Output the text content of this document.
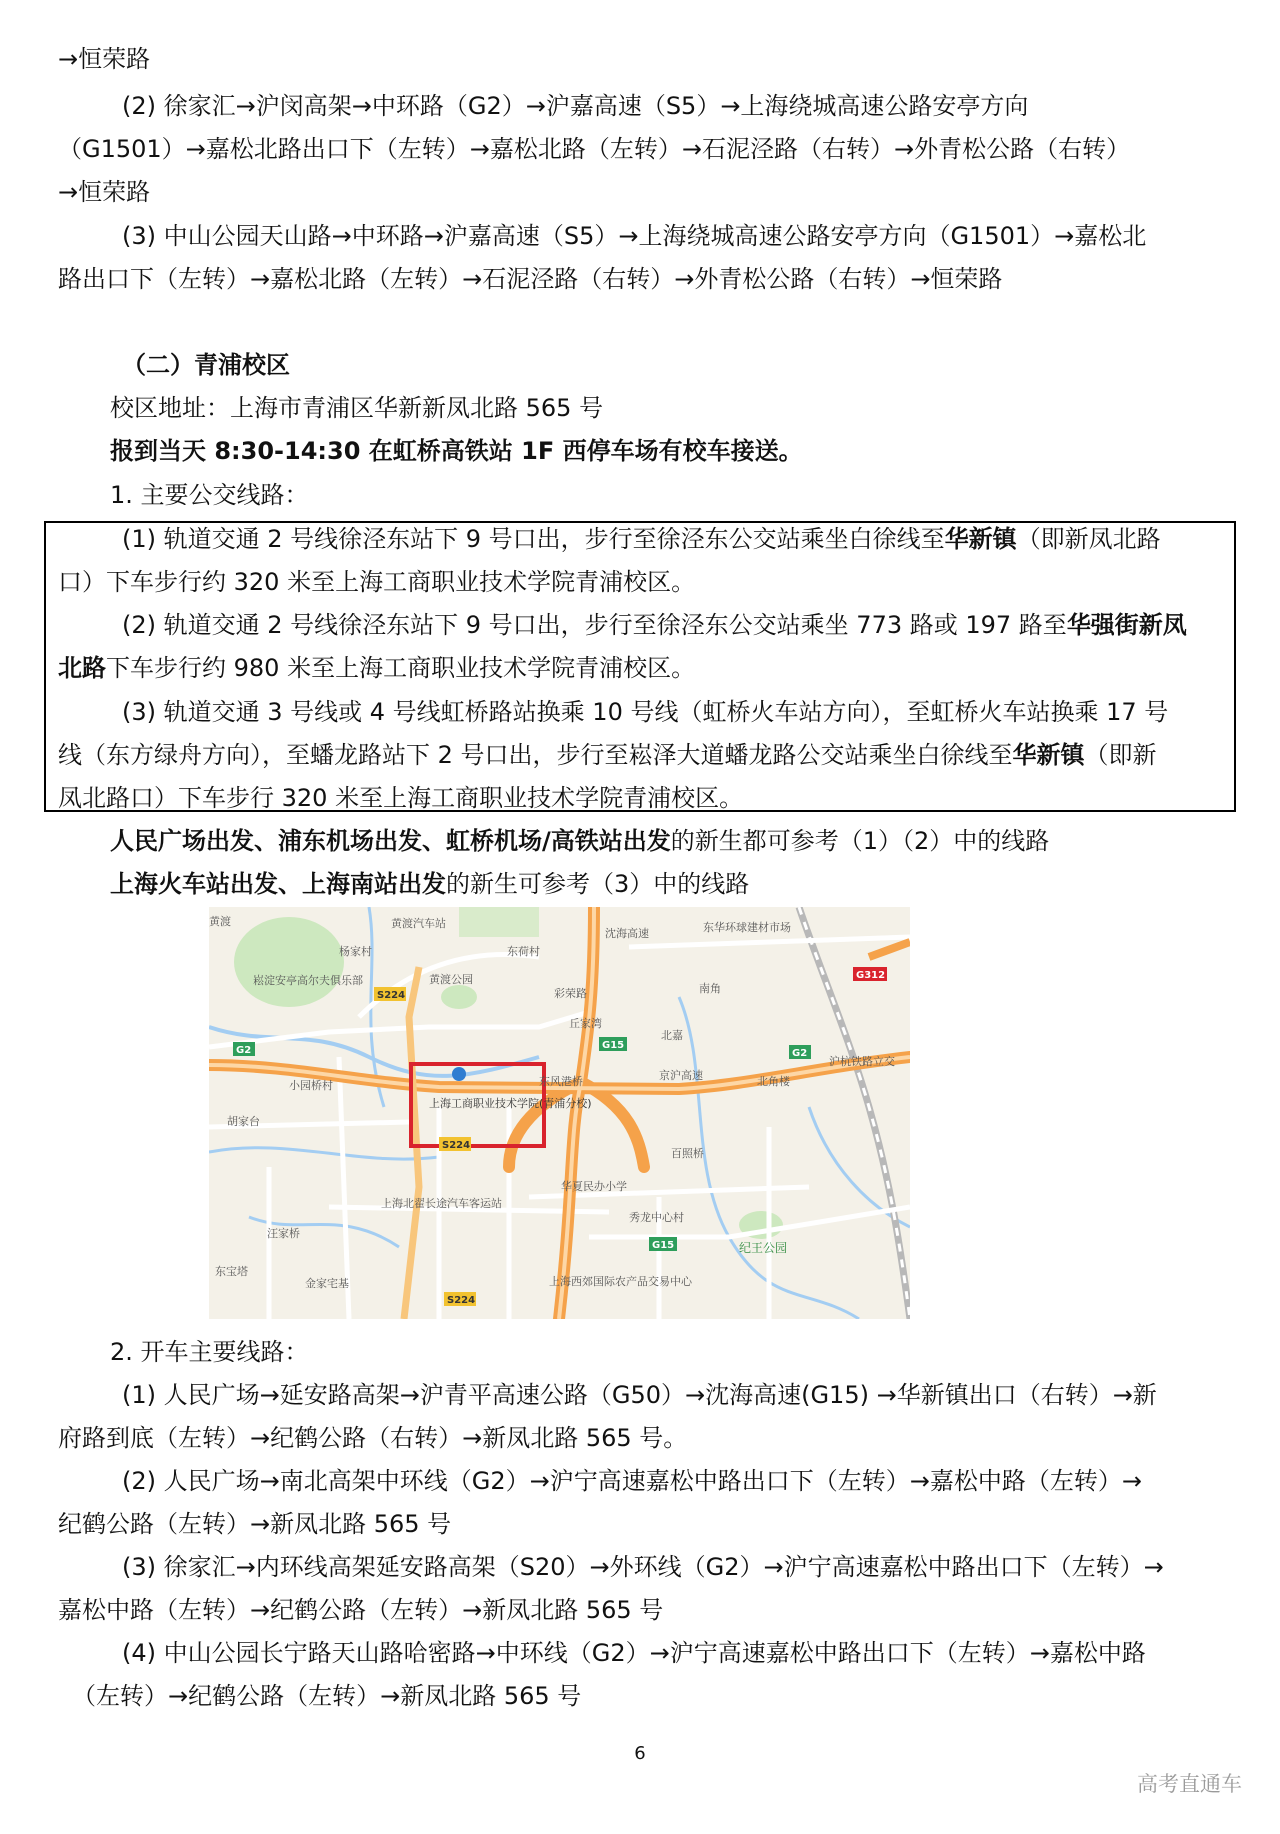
→恒荣路
(2) 徐家汇→沪闵高架→中环路（G2）→沪嘉高速（S5）→上海绕城高速公路安亭方向
（G1501）→嘉松北路出口下（左转）→嘉松北路（左转）→石泥泾路（右转）→外青松公路（右转）
→恒荣路
(3) 中山公园天山路→中环路→沪嘉高速（S5）→上海绕城高速公路安亭方向（G1501）→嘉松北
路出口下（左转）→嘉松北路（左转）→石泥泾路（右转）→外青松公路（右转）→恒荣路
（二）青浦校区
校区地址：上海市青浦区华新新凤北路 565 号
报到当天 8:30-14:30 在虹桥高铁站 1F 西停车场有校车接送。
1. 主要公交线路：
(1) 轨道交通 2 号线徐泾东站下 9 号口出，步行至徐泾东公交站乘坐白徐线至华新镇（即新凤北路
口）下车步行约 320 米至上海工商职业技术学院青浦校区。
(2) 轨道交通 2 号线徐泾东站下 9 号口出，步行至徐泾东公交站乘坐 773 路或 197 路至华强街新凤
北路下车步行约 980 米至上海工商职业技术学院青浦校区。
(3) 轨道交通 3 号线或 4 号线虹桥路站换乘 10 号线（虹桥火车站方向），至虹桥火车站换乘 17 号
线（东方绿舟方向），至蟠龙路站下 2 号口出，步行至崧泽大道蟠龙路公交站乘坐白徐线至华新镇（即新
凤北路口）下车步行 320 米至上海工商职业技术学院青浦校区。
人民广场出发、浦东机场出发、虹桥机场/高铁站出发的新生都可参考（1）（2）中的线路
上海火车站出发、上海南站出发的新生可参考（3）中的线路
G2	G2
G15
G15
G312
S224
S224
S224
黄渡汽车站	东华环球建材市场
沈海高速
杨家村
黄渡公园
崧淀安亭高尔夫俱乐部
东荷村
南角
彩荣路
丘家湾
北嘉
沪杭铁路立交
东风港桥	京沪高速	北角楼
小园桥村
胡家台
上海工商职业技术学院(青浦分校)
百照桥
纪王公园
上海北翟长途汽车客运站
华夏民办小学
秀龙中心村
汪家桥
金家宅基	上海西郊国际农产品交易中心
黄渡
东宝塔
2. 开车主要线路：
(1) 人民广场→延安路高架→沪青平高速公路（G50）→沈海高速(G15) →华新镇出口（右转）→新
府路到底（左转）→纪鹤公路（右转）→新凤北路 565 号。
(2) 人民广场→南北高架中环线（G2）→沪宁高速嘉松中路出口下（左转）→嘉松中路（左转）→
纪鹤公路（左转）→新凤北路 565 号
(3) 徐家汇→内环线高架延安路高架（S20）→外环线（G2）→沪宁高速嘉松中路出口下（左转）→
嘉松中路（左转）→纪鹤公路（左转）→新凤北路 565 号
(4) 中山公园长宁路天山路哈密路→中环线（G2）→沪宁高速嘉松中路出口下（左转）→嘉松中路
（左转）→纪鹤公路（左转）→新凤北路 565 号
6
高考直通车
